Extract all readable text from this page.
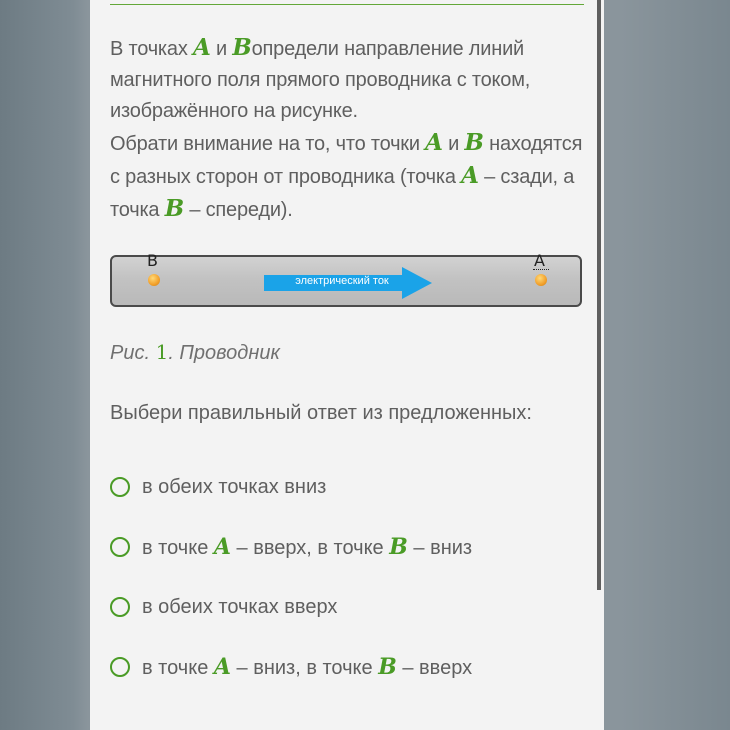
В точках A и Bопредели направление линий магнитного поля прямого проводника с током, изображённого на рисунке.
Обрати внимание на то, что точки A и B находятся с разных сторон от проводника (точка A – сзади, а точка B – спереди).
B
электрический ток
A
Рис. 1. Проводник
Выбери правильный ответ из предложенных:
в обеих точках вниз
в точке A – вверх, в точке B – вниз
в обеих точках вверх
в точке A – вниз, в точке B – вверх
